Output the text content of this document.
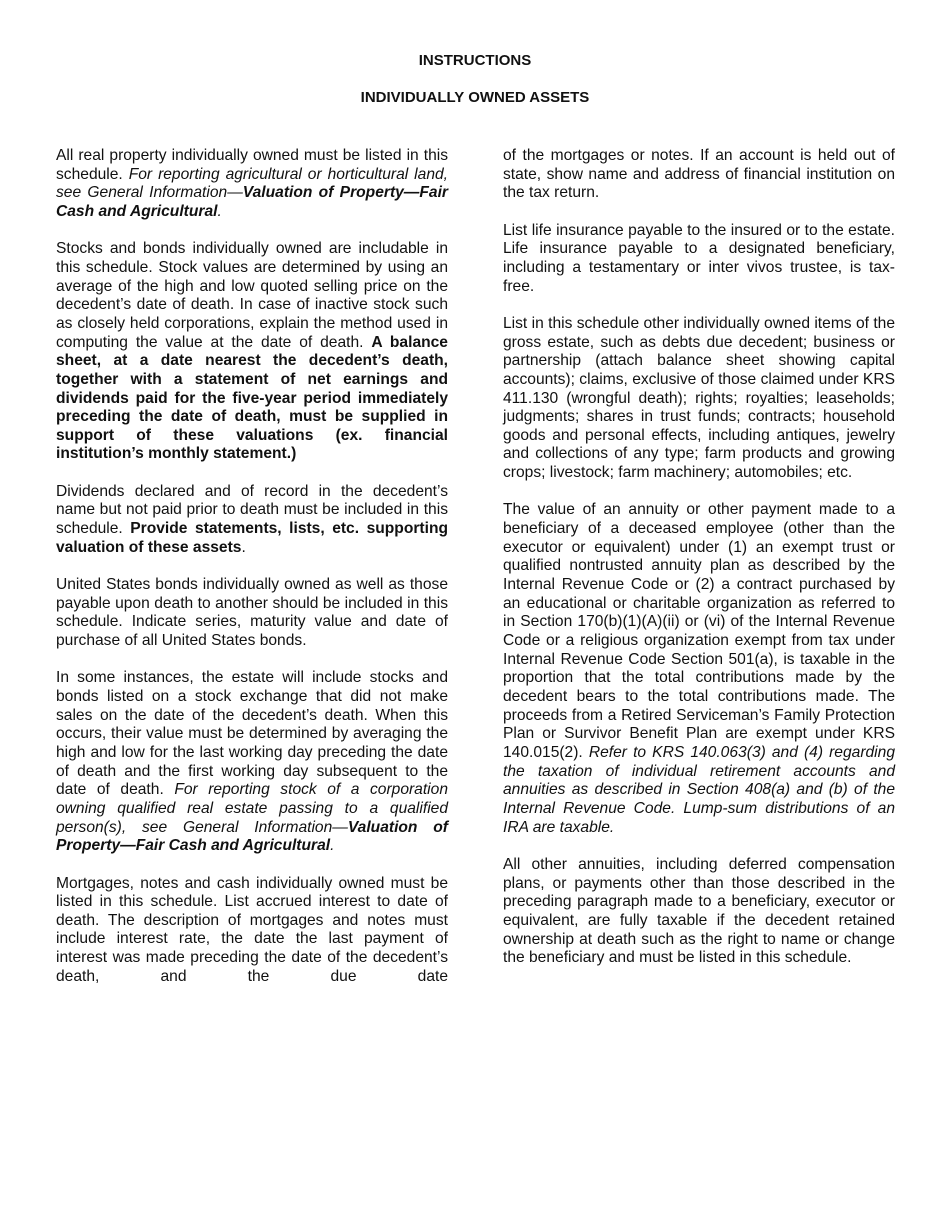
INSTRUCTIONS
INDIVIDUALLY OWNED ASSETS

All real property individually owned must be listed in this schedule. For reporting agricultural or horticultural land, see General Information—Valuation of Property—Fair Cash and Agricultural.

Stocks and bonds individually owned are includable in this schedule. Stock values are determined by using an average of the high and low quoted selling price on the decedent’s date of death. In case of inactive stock such as closely held corporations, explain the method used in computing the value at the date of death. A balance sheet, at a date nearest the decedent’s death, together with a statement of net earnings and dividends paid for the five-year period immediately preceding the date of death, must be supplied in support of these valuations (ex. financial institution’s monthly statement.)

Dividends declared and of record in the decedent’s name but not paid prior to death must be included in this schedule. Provide statements, lists, etc. supporting valuation of these assets.

United States bonds individually owned as well as those payable upon death to another should be included in this schedule. Indicate series, maturity value and date of purchase of all United States bonds.

In some instances, the estate will include stocks and bonds listed on a stock exchange that did not make sales on the date of the decedent’s death. When this occurs, their value must be determined by averaging the high and low for the last working day preceding the date of death and the first working day subsequent to the date of death. For reporting stock of a corporation owning qualified real estate passing to a qualified person(s), see General Information—Valuation of Property—Fair Cash and Agricultural.

Mortgages, notes and cash individually owned must be listed in this schedule. List accrued interest to date of death. The description of mortgages and notes must include interest rate, the date the last payment of interest was made preceding the date of the decedent’s death, and the due date

of the mortgages or notes. If an account is held out of state, show name and address of financial institution on the tax return.

List life insurance payable to the insured or to the estate. Life insurance payable to a designated beneficiary, including a testamentary or inter vivos trustee, is tax-free.

List in this schedule other individually owned items of the gross estate, such as debts due decedent; business or partnership (attach balance sheet showing capital accounts); claims, exclusive of those claimed under KRS 411.130 (wrongful death); rights; royalties; leaseholds; judgments; shares in trust funds; contracts; household goods and personal effects, including antiques, jewelry and collections of any type; farm products and growing crops; livestock; farm machinery; automobiles; etc.

The value of an annuity or other payment made to a beneficiary of a deceased employee (other than the executor or equivalent) under (1) an exempt trust or qualified nontrusted annuity plan as described by the Internal Revenue Code or (2) a contract purchased by an educational or charitable organization as referred to in Section 170(b)(1)(A)(ii) or (vi) of the Internal Revenue Code or a religious organization exempt from tax under Internal Revenue Code Section 501(a), is taxable in the proportion that the total contributions made by the decedent bears to the total contributions made. The proceeds from a Retired Serviceman’s Family Protection Plan or Survivor Benefit Plan are exempt under KRS 140.015(2). Refer to KRS 140.063(3) and (4) regarding the taxation of individual retirement accounts and annuities as described in Section 408(a) and (b) of the Internal Revenue Code. Lump-sum distributions of an IRA are taxable.

All other annuities, including deferred compensation plans, or payments other than those described in the preceding paragraph made to a beneficiary, executor or equivalent, are fully taxable if the decedent retained ownership at death such as the right to name or change the beneficiary and must be listed in this schedule.
